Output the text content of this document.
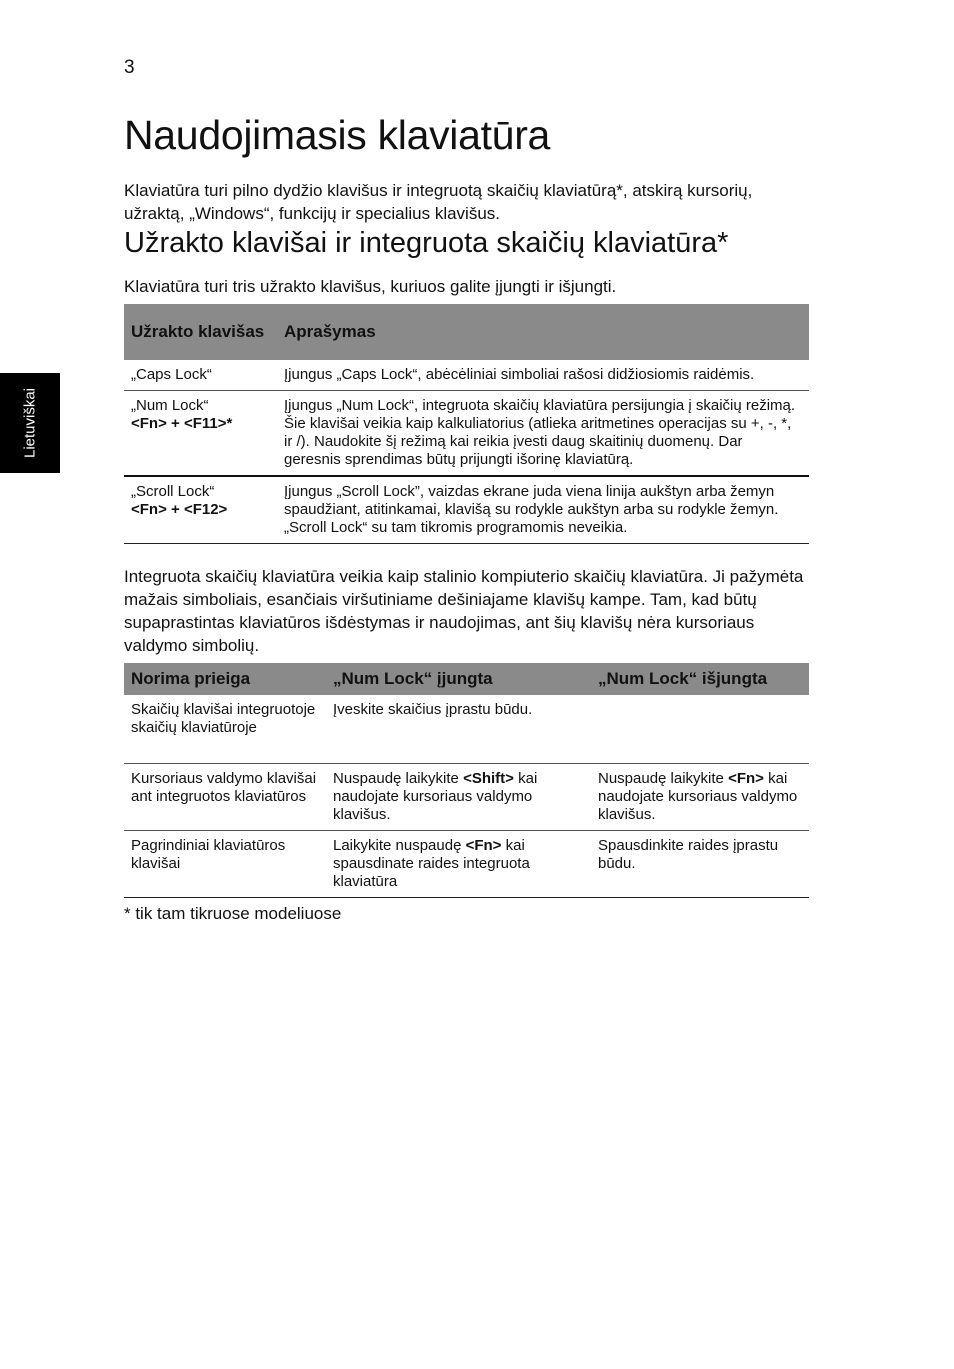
3
Lietuviškai
Naudojimasis klaviatūra

Klaviatūra turi pilno dydžio klavišus ir integruotą skaičių klaviatūrą*, atskirą kursorių, užraktą, „Windows“, funkcijų ir specialius klavišus.

Užrakto klavišai ir integruota skaičių klaviatūra*

Klaviatūra turi tris užrakto klavišus, kuriuos galite įjungti ir išjungti.

Užrakto klavišas	Aprašymas

„Caps Lock“	Įjungus „Caps Lock“, abėcėliniai simboliai rašosi didžiosiomis raidėmis.

„Num Lock“
<Fn> + <F11>*	Įjungus „Num Lock“, integruota skaičių klaviatūra persijungia į skaičių režimą. Šie klavišai veikia kaip kalkuliatorius (atlieka aritmetines operacijas su +, -, *, ir /). Naudokite šį režimą kai reikia įvesti daug skaitinių duomenų. Dar geresnis sprendimas būtų prijungti išorinę klaviatūrą.

„Scroll Lock“
<Fn> + <F12>	Įjungus „Scroll Lock”, vaizdas ekrane juda viena linija aukštyn arba žemyn spaudžiant, atitinkamai, klavišą su rodykle aukštyn arba su rodykle žemyn. „Scroll Lock“ su tam tikromis programomis neveikia.

Integruota skaičių klaviatūra veikia kaip stalinio kompiuterio skaičių klaviatūra. Ji pažymėta mažais simboliais, esančiais viršutiniame dešiniajame klavišų kampe. Tam, kad būtų supaprastintas klaviatūros išdėstymas ir naudojimas, ant šių klavišų nėra kursoriaus valdymo simbolių.

Norima prieiga	„Num Lock“ įjungta	„Num Lock“ išjungta
Skaičių klavišai integruotoje skaičių klaviatūroje	Įveskite skaičius įprastu būdu.	
Kursoriaus valdymo klavišai ant integruotos klaviatūros	Nuspaudę laikykite <Shift> kai naudojate kursoriaus valdymo klavišus.	Nuspaudę laikykite <Fn> kai naudojate kursoriaus valdymo klavišus.
Pagrindiniai klaviatūros klavišai	Laikykite nuspaudę <Fn> kai spausdinate raides integruota klaviatūra	Spausdinkite raides įprastu būdu.

* tik tam tikruose modeliuose
